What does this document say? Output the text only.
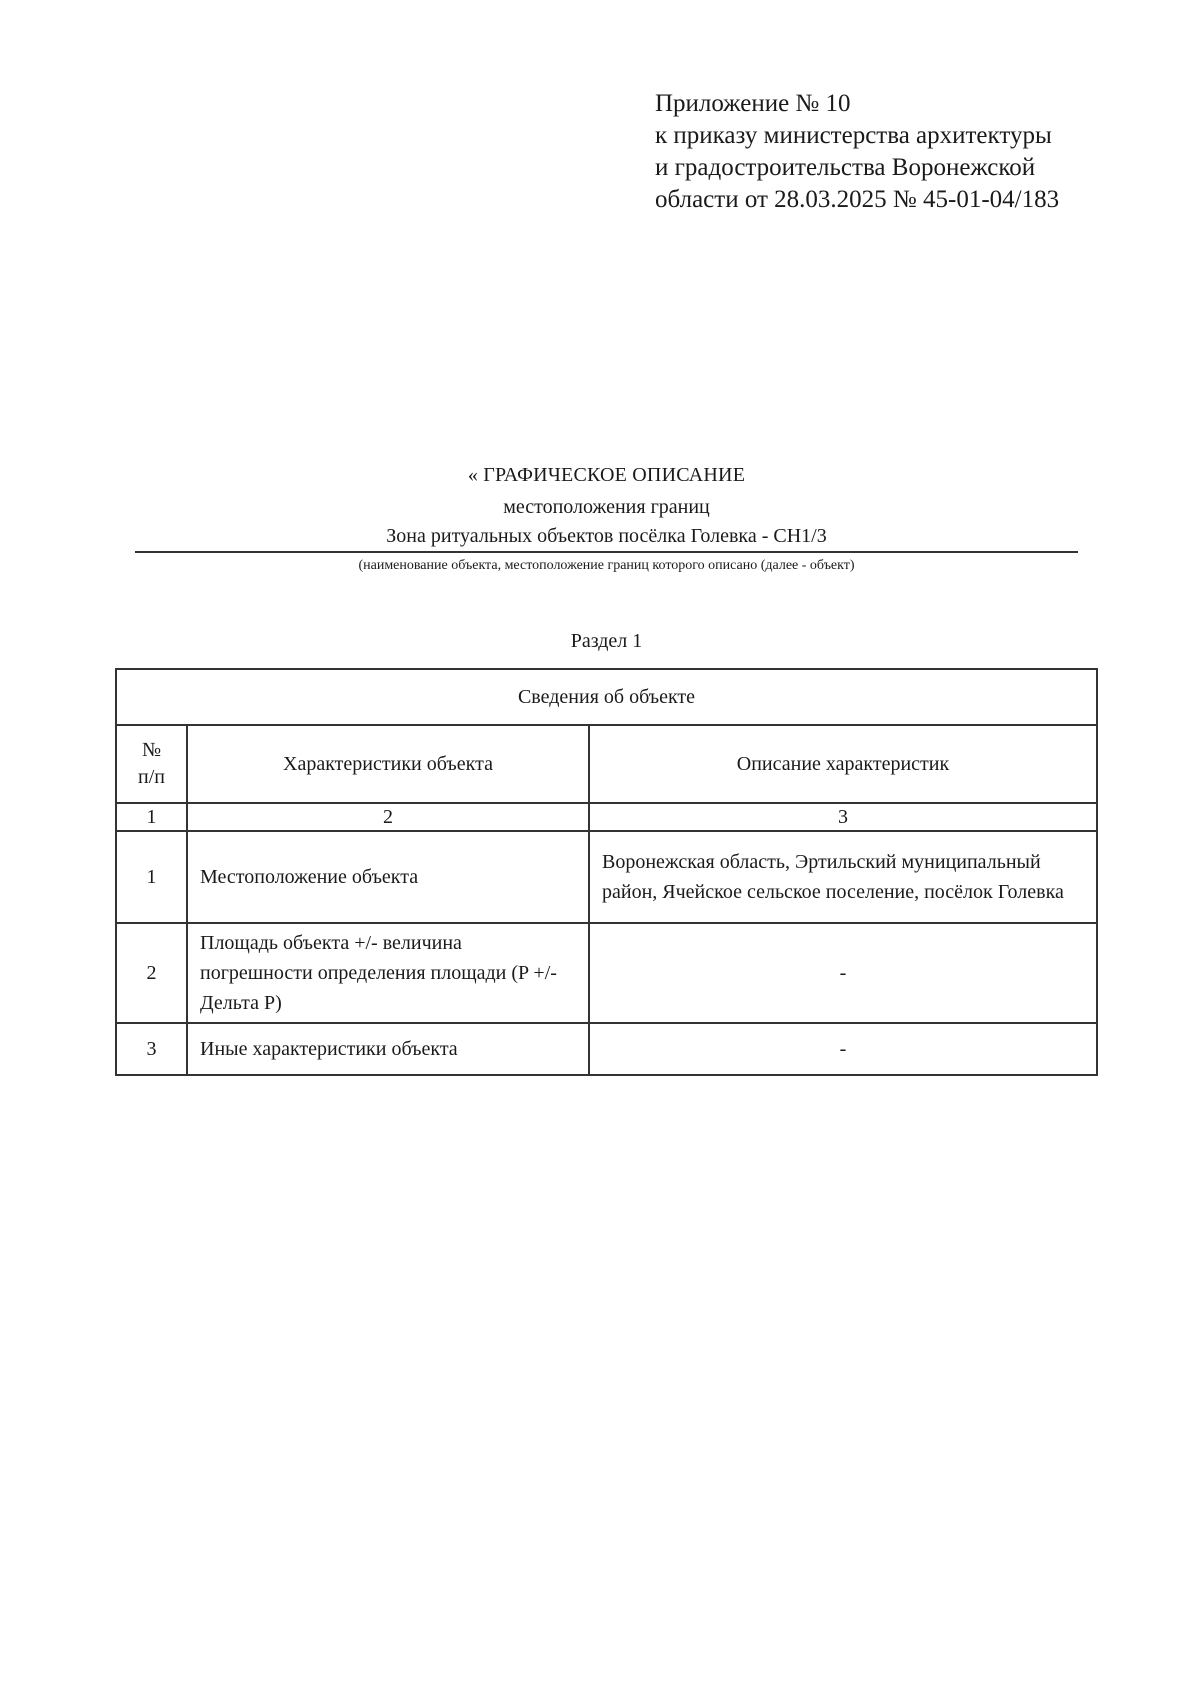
Приложение № 10
к приказу министерства архитектуры
и градостроительства Воронежской
области от 28.03.2025 № 45-01-04/183
« ГРАФИЧЕСКОЕ ОПИСАНИЕ
местоположения границ
Зона ритуальных объектов посёлка Голевка - СН1/3
(наименование объекта, местоположение границ которого описано (далее - объект)
Раздел 1
Сведения об объекте		
№
п/п	Характеристики объекта	Описание характеристик
1	2	3
1	Местоположение объекта	Воронежская область, Эртильский муниципальный район, Ячейское сельское поселение, посёлок Голевка
2	Площадь объекта +/- величина погрешности определения площади (P +/- Дельта P)	-
3	Иные характеристики объекта	-
